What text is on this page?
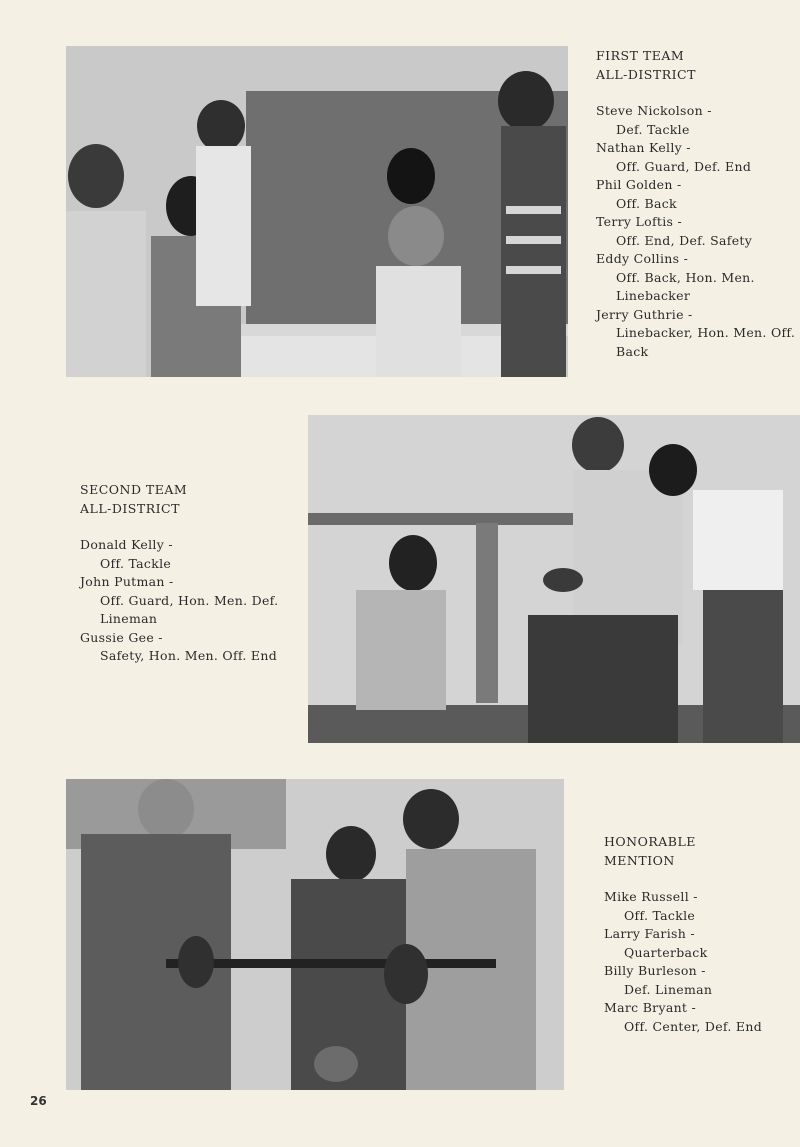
FIRST TEAM
ALL-DISTRICT
Steve Nickolson -
Def. Tackle
Nathan Kelly -
Off. Guard, Def. End
Phil Golden -
Off. Back
Terry Loftis -
Off. End, Def. Safety
Eddy Collins -
Off. Back, Hon. Men.
Linebacker
Jerry Guthrie -
Linebacker, Hon. Men. Off.
Back
SECOND TEAM
ALL-DISTRICT
Donald Kelly -
Off. Tackle
John Putman -
Off. Guard, Hon. Men. Def.
Lineman
Gussie Gee -
Safety, Hon. Men. Off. End
HONORABLE
MENTION
Mike Russell -
Off. Tackle
Larry Farish -
Quarterback
Billy Burleson -
Def. Lineman
Marc Bryant -
Off. Center, Def. End
26
